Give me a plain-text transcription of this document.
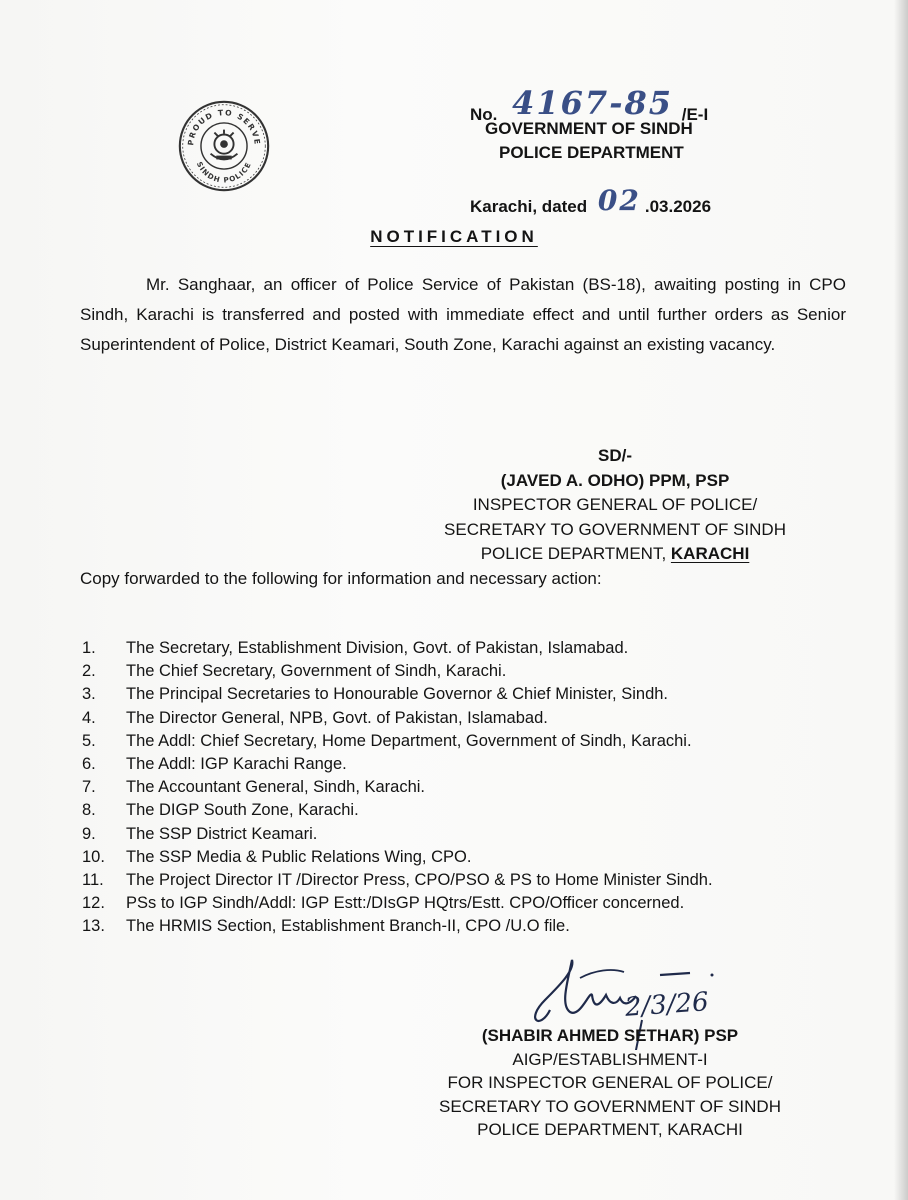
PROUD TO SERVE
SINDH POLICE
No. 4167-85 /E-I
GOVERNMENT OF SINDH
POLICE DEPARTMENT
Karachi, dated 02 .03.2026
NOTIFICATION
Mr. Sanghaar, an officer of Police Service of Pakistan (BS-18), awaiting posting in CPO Sindh, Karachi is transferred and posted with immediate effect and until further orders as Senior Superintendent of Police, District Keamari, South Zone, Karachi against an existing vacancy.
SD/-
(JAVED A. ODHO) PPM, PSP
INSPECTOR GENERAL OF POLICE/
SECRETARY TO GOVERNMENT OF SINDH
POLICE DEPARTMENT, KARACHI
Copy forwarded to the following for information and necessary action:
1.	The Secretary, Establishment Division, Govt. of Pakistan, Islamabad.
2.	The Chief Secretary, Government of Sindh, Karachi.
3.	The Principal Secretaries to Honourable Governor & Chief Minister, Sindh.
4.	The Director General, NPB, Govt. of Pakistan, Islamabad.
5.	The Addl: Chief Secretary, Home Department, Government of Sindh, Karachi.
6.	The Addl: IGP Karachi Range.
7.	The Accountant General, Sindh, Karachi.
8.	The DIGP South Zone, Karachi.
9.	The SSP District Keamari.
10.	The SSP Media & Public Relations Wing, CPO.
11.	The Project Director IT /Director Press, CPO/PSO & PS to Home Minister Sindh.
12.	PSs to IGP Sindh/Addl: IGP Estt:/DIsGP HQtrs/Estt. CPO/Officer concerned.
13.	The HRMIS Section, Establishment Branch-II, CPO /U.O file.
2/3/26
(SHABIR AHMED SETHAR) PSP
AIGP/ESTABLISHMENT-I
FOR INSPECTOR GENERAL OF POLICE/
SECRETARY TO GOVERNMENT OF SINDH
POLICE DEPARTMENT, KARACHI
